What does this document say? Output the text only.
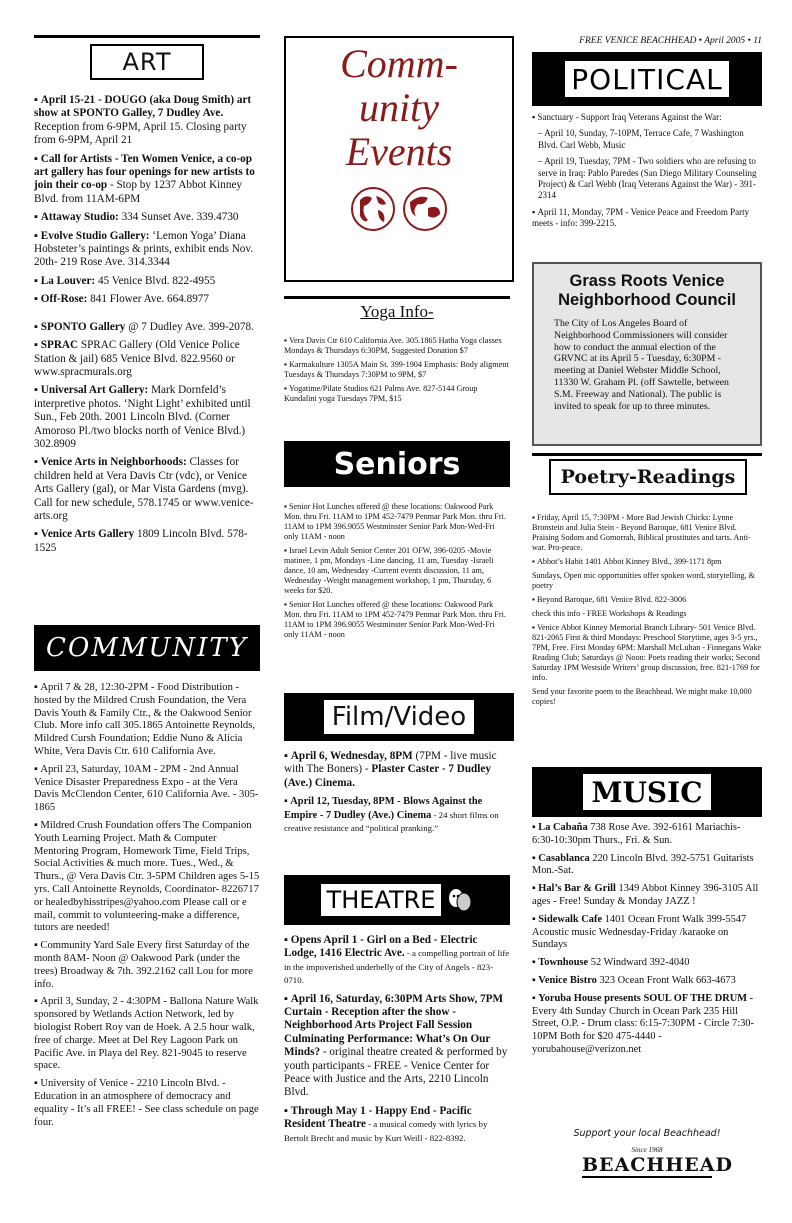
ART

▪ April 15-21 - DOUGO (aka Doug Smith) art show at SPONTO Galley, 7 Dudley Ave. Reception from 6-9PM, April 15. Closing party from 6-9PM, April 21

▪ Call for Artists - Ten Women Venice, a co-op art gallery has four openings for new artists to join their co-op - Stop by 1237 Abbot Kinney Blvd. from 11AM-6PM

▪ Attaway Studio: 334 Sunset Ave. 339.4730

▪ Evolve Studio Gallery: ‘Lemon Yoga’ Diana Hobsteter’s paintings & prints, exhibit ends Nov. 20th- 219 Rose Ave. 314.3344

▪ La Louver: 45 Venice Blvd. 822-4955

▪ Off-Rose: 841 Flower Ave. 664.8977

▪ SPONTO Gallery @ 7 Dudley Ave. 399-2078.

▪ SPRAC SPRAC Gallery (Old Venice Police Station & jail) 685 Venice Blvd. 822.9560 or www.spracmurals.org

▪ Universal Art Gallery: Mark Dornfeld’s interpretive photos. ‘Night Light’ exhibited until Sun., Feb 20th. 2001 Lincoln Blvd. (Corner Amoroso Pl./two blocks north of Venice Blvd.) 302.8909

▪ Venice Arts in Neighborhoods: Classes for children held at Vera Davis Ctr (vdc), or Venice Arts Gallery (gal), or Mar Vista Gardens (mvg). Call for new schedule, 578.1745 or www.venice-arts.org

▪ Venice Arts Gallery 1809 Lincoln Blvd. 578-1525

COMMUNITY

▪ April 7 & 28, 12:30-2PM - Food Distribution - hosted by the Mildred Crush Foundation, the Vera Davis Youth & Family Ctr., & the Oakwood Senior Club. More info call 305.1865 Antoinette Reynolds, Mildred Cursh Foundation; Eddie Nuno & Alicia White, Vera Davis Ctr. 610 California Ave.

▪ April 23, Saturday, 10AM - 2PM - 2nd Annual Venice Disaster Preparedness Expo - at the Vera Davis McClendon Center, 610 California Ave. - 305-1865

▪ Mildred Crush Foundation offers The Companion Youth Learning Project. Math & Computer Mentoring Program, Homework Time, Field Trips, Social Activities & much more. Tues., Wed., & Thurs., @ Vera Davis Ctr. 3-5PM Children ages 5-15 yrs. Call Antoinette Reynolds, Coordinator- 8226717 or healedbyhisstripes@yahoo.com Please call or e mail, commit to volunteering-make a difference, tutors are needed!

▪ Community Yard Sale Every first Saturday of the month 8AM- Noon @ Oakwood Park (under the trees) Broadway & 7th. 392.2162 call Lou for more info.

▪ April 3, Sunday, 2 - 4:30PM - Ballona Nature Walk sponsored by Wetlands Action Network, led by biologist Robert Roy van de Hoek. A 2.5 hour walk, free of charge. Meet at Del Rey Lagoon Park on Pacific Ave. in Playa del Rey. 821-9045 to reserve space.

▪ University of Venice - 2210 Lincoln Blvd. - Education in an atmosphere of democracy and equality - It’s all FREE! - See class schedule on page four.

Comm-
unity
Events
Yoga Info-

▪ Vera Davis Ctr 610 California Ave. 305.1865 Hatha Yoga classes Mondays & Thursdays 6:30PM, Suggested Donation $7

▪ Karmakulture 1305A Main St. 399-1904 Emphasis: Body aligment Tuesdays & Thursdays 7:30PM to 9PM, $7

▪ Yogatime/Pilate Studios 621 Palms Ave. 827-5144 Group Kundalini yoga Tuesdays 7PM, $15

Seniors

▪ Senior Hot Lunches offered @ these locations: Oakwood Park Mon. thru Fri. 11AM to 1PM 452-7479 Penmar Park Mon. thru Fri. 11AM to 1PM 396.9055 Westminster Senior Park Mon-Wed-Fri only 11AM - noon

▪ Israel Levin Adult Senior Center 201 OFW, 396-0205 -Movie matinee, 1 pm, Mondays -Line dancing, 11 am, Tuesday -Israeli dance, 10 am, Wednesday -Current events discussion, 11 am, Wednesday -Weight management workshop, 1 pm, Thursday, 6 weeks for $20.

▪ Senior Hot Lunches offered @ these locations: Oakwood Park Mon. thru Fri. 11AM to 1PM 452-7479 Penmar Park Mon. thru Fri. 11AM to 1PM 396.9055 Westminster Senior Park Mon-Wed-Fri only 11AM - noon

Film/Video

▪ April 6, Wednesday, 8PM (7PM - live music with The Boners) - Plaster Caster - 7 Dudley (Ave.) Cinema.

▪ April 12, Tuesday, 8PM - Blows Against the Empire - 7 Dudley (Ave.) Cinema - 24 short films on creative resistance and “political pranking.”

THEATRE

▪ Opens April 1 - Girl on a Bed - Electric Lodge, 1416 Electric Ave. - a compelling portrait of life in the impoverished underbelly of the City of Angels - 823-0710.

▪ April 16, Saturday, 6:30PM Arts Show, 7PM Curtain - Reception after the show - Neighborhood Arts Project Fall Session Culminating Performance: What’s On Our Minds? - original theatre created & performed by youth participants - FREE - Venice Center for Peace with Justice and the Arts, 2210 Lincoln Blvd.

▪ Through May 1 - Happy End - Pacific Resident Theatre - a musical comedy with lyrics by Bertolt Brecht and music by Kurt Weill - 822-8392.

FREE VENICE BEACHHEAD • April 2005 • 11
POLITICAL

▪ Sanctuary - Support Iraq Veterans Against the War:

– April 10, Sunday, 7-10PM, Terrace Cafe, 7 Washington Blvd. Carl Webb, Music

– April 19, Tuesday, 7PM - Two soldiers who are refusing to serve in Iraq: Pablo Paredes (San Diego Military Counseling Project) & Carl Webb (Iraq Veterans Against the War) - 391-2314

▪ April 11, Monday, 7PM - Venice Peace and Freedom Party meets - info: 399-2215.

Grass Roots Venice
Neighborhood Council
The City of Los Angeles Board of Neighborhood Commissioners will consider how to conduct the annual election of the GRVNC at its April 5 - Tuesday, 6:30PM - meeting at Daniel Webster Middle School, 11330 W. Graham Pl. (off Sawtelle, between S.M. Freeway and National). The public is invited to speak for up to three minutes.
Poetry-Readings

▪ Friday, April 15, 7:30PM - More Bad Jewish Chicks: Lynne Bronstein and Julia Stein - Beyond Baroque, 681 Venice Blvd. Praising Sodom and Gomorrah, Biblical prostitutes and tarts. Anti-war. Pro-peace.

▪ Abbot’s Habit 1401 Abbot Kinney Blvd., 399-1171 8pm

Sundays, Open mic opportunities offer spoken word, storytelling, & poetry

▪ Beyond Baroque, 681 Venice Blvd. 822-3006

check this info - FREE Workshops & Readings

▪ Venice Abbot Kinney Memorial Branch Library- 501 Venice Blvd. 821-2065 First & third Mondays: Preschool Storytime, ages 3-5 yrs., 7PM, Free. First Monday 6PM: Marshall McLuhan - Finnegans Wake Reading Club; Saturdays @ Noon: Poets reading their works; Second Saturday 1PM Westside Writers’ group discussion, free. 821-1769 for info.

Send your favorite poem to the Beachhead. We might make 10,000 copies!

MUSIC

▪ La Cabaña 738 Rose Ave. 392-6161 Mariachis- 6:30-10:30pm Thurs., Fri. & Sun.

▪ Casablanca 220 Lincoln Blvd. 392-5751 Guitarists Mon.-Sat.

▪ Hal’s Bar & Grill 1349 Abbot Kinney 396-3105 All ages - Free! Sunday & Monday JAZZ !

▪ Sidewalk Cafe 1401 Ocean Front Walk 399-5547 Acoustic music Wednesday-Friday /karaoke on Sundays

▪ Townhouse 52 Windward 392-4040

▪ Venice Bistro 323 Ocean Front Walk 663-4673

▪ Yoruba House presents SOUL OF THE DRUM - Every 4th Sunday Church in Ocean Park 235 Hill Street, O.P. - Drum class: 6:15-7:30PM - Circle 7:30-10PM Both for $20 475-4440 - yorubahouse@verizon.net

Support your local Beachhead!
Since 1968
BEACHHEAD
